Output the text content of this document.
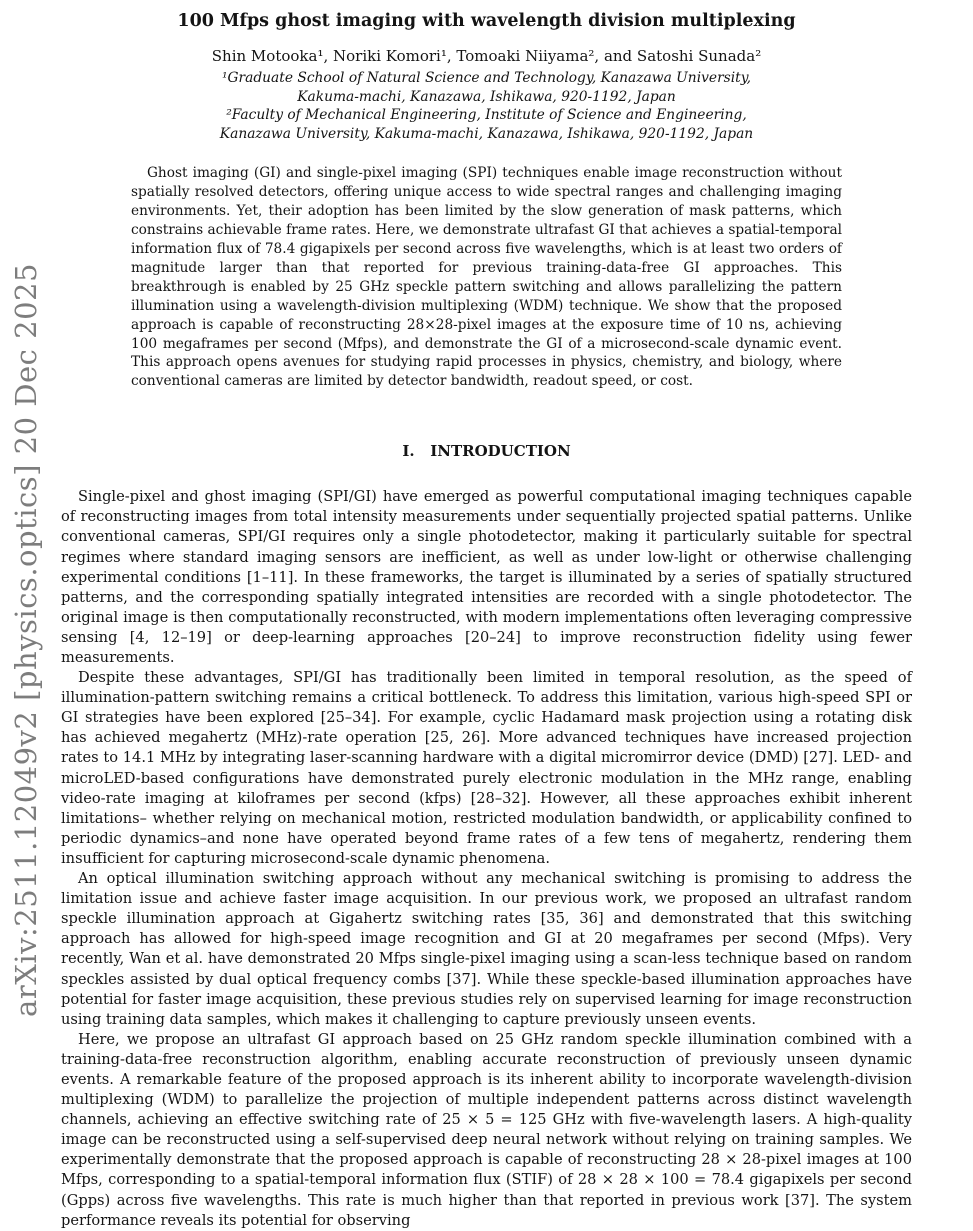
arXiv:2511.12049v2 [physics.optics] 20 Dec 2025
100 Mfps ghost imaging with wavelength division multiplexing
Shin Motooka¹, Noriki Komori¹, Tomoaki Niiyama², and Satoshi Sunada²
¹Graduate School of Natural Science and Technology, Kanazawa University,
Kakuma-machi, Kanazawa, Ishikawa, 920-1192, Japan
²Faculty of Mechanical Engineering, Institute of Science and Engineering,
Kanazawa University, Kakuma-machi, Kanazawa, Ishikawa, 920-1192, Japan
Ghost imaging (GI) and single-pixel imaging (SPI) techniques enable image reconstruction without spatially resolved detectors, offering unique access to wide spectral ranges and challenging imaging environments. Yet, their adoption has been limited by the slow generation of mask patterns, which constrains achievable frame rates. Here, we demonstrate ultrafast GI that achieves a spatial-temporal information flux of 78.4 gigapixels per second across five wavelengths, which is at least two orders of magnitude larger than that reported for previous training-data-free GI approaches. This breakthrough is enabled by 25 GHz speckle pattern switching and allows parallelizing the pattern illumination using a wavelength-division multiplexing (WDM) technique. We show that the proposed approach is capable of reconstructing 28×28-pixel images at the exposure time of 10 ns, achieving 100 megaframes per second (Mfps), and demonstrate the GI of a microsecond-scale dynamic event. This approach opens avenues for studying rapid processes in physics, chemistry, and biology, where conventional cameras are limited by detector bandwidth, readout speed, or cost.
I.   INTRODUCTION

Single-pixel and ghost imaging (SPI/GI) have emerged as powerful computational imaging techniques capable of reconstructing images from total intensity measurements under sequentially projected spatial patterns. Unlike conventional cameras, SPI/GI requires only a single photodetector, making it particularly suitable for spectral regimes where standard imaging sensors are inefficient, as well as under low-light or otherwise challenging experimental conditions [1–11]. In these frameworks, the target is illuminated by a series of spatially structured patterns, and the corresponding spatially integrated intensities are recorded with a single photodetector. The original image is then computationally reconstructed, with modern implementations often leveraging compressive sensing [4, 12–19] or deep-learning approaches [20–24] to improve reconstruction fidelity using fewer measurements.

Despite these advantages, SPI/GI has traditionally been limited in temporal resolution, as the speed of illumination-pattern switching remains a critical bottleneck. To address this limitation, various high-speed SPI or GI strategies have been explored [25–34]. For example, cyclic Hadamard mask projection using a rotating disk has achieved megahertz (MHz)-rate operation [25, 26]. More advanced techniques have increased projection rates to 14.1 MHz by integrating laser-scanning hardware with a digital micromirror device (DMD) [27]. LED- and microLED-based configurations have demonstrated purely electronic modulation in the MHz range, enabling video-rate imaging at kiloframes per second (kfps) [28–32]. However, all these approaches exhibit inherent limitations– whether relying on mechanical motion, restricted modulation bandwidth, or applicability confined to periodic dynamics–and none have operated beyond frame rates of a few tens of megahertz, rendering them insufficient for capturing microsecond-scale dynamic phenomena.

An optical illumination switching approach without any mechanical switching is promising to address the limitation issue and achieve faster image acquisition. In our previous work, we proposed an ultrafast random speckle illumination approach at Gigahertz switching rates [35, 36] and demonstrated that this switching approach has allowed for high-speed image recognition and GI at 20 megaframes per second (Mfps). Very recently, Wan et al. have demonstrated 20 Mfps single-pixel imaging using a scan-less technique based on random speckles assisted by dual optical frequency combs [37]. While these speckle-based illumination approaches have potential for faster image acquisition, these previous studies rely on supervised learning for image reconstruction using training data samples, which makes it challenging to capture previously unseen events.

Here, we propose an ultrafast GI approach based on 25 GHz random speckle illumination combined with a training-data-free reconstruction algorithm, enabling accurate reconstruction of previously unseen dynamic events. A remarkable feature of the proposed approach is its inherent ability to incorporate wavelength-division multiplexing (WDM) to parallelize the projection of multiple independent patterns across distinct wavelength channels, achieving an effective switching rate of 25 × 5 = 125 GHz with five-wavelength lasers. A high-quality image can be reconstructed using a self-supervised deep neural network without relying on training samples. We experimentally demonstrate that the proposed approach is capable of reconstructing 28 × 28-pixel images at 100 Mfps, corresponding to a spatial-temporal information flux (STIF) of 28 × 28 × 100 = 78.4 gigapixels per second (Gpps) across five wavelengths. This rate is much higher than that reported in previous work [37]. The system performance reveals its potential for observing
